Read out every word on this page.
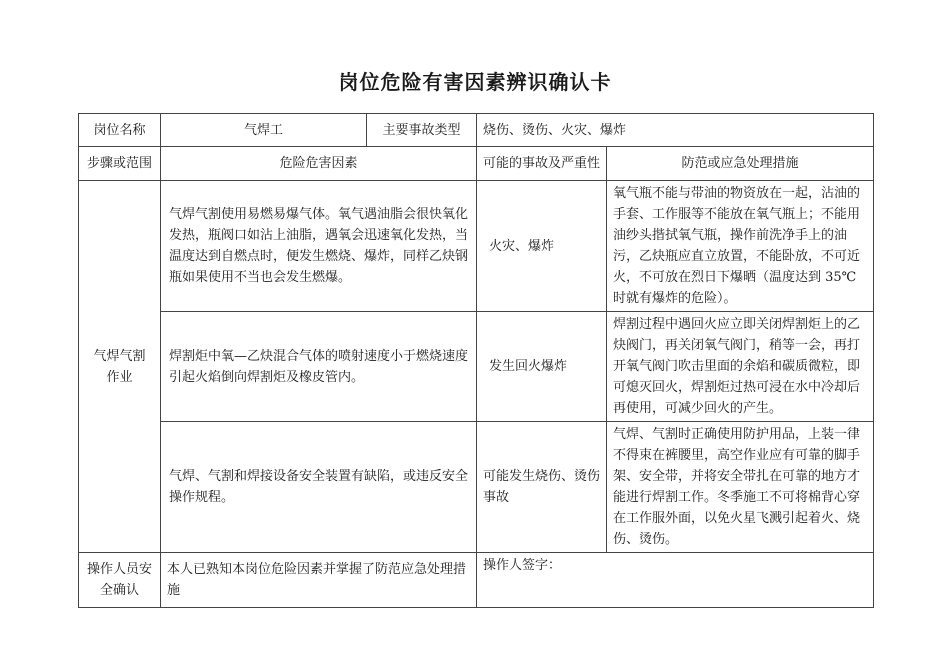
岗位危险有害因素辨识确认卡
岗位名称	气焊工	主要事故类型	烧伤、烫伤、火灾、爆炸	
步骤或范围	危险危害因素		可能的事故及严重性	防范或应急处理措施
气焊气割作业	气焊气割使用易燃易爆气体。氧气遇油脂会很快氧化发热，瓶阀口如沾上油脂，遇氧会迅速氧化发热，当温度达到自燃点时，便发生燃烧、爆炸，同样乙炔钢瓶如果使用不当也会发生燃爆。		火灾、爆炸	氧气瓶不能与带油的物资放在一起，沾油的手套、工作服等不能放在氧气瓶上；不能用油纱头揩拭氧气瓶，操作前洗净手上的油污，乙炔瓶应直立放置，不能卧放，不可近火，不可放在烈日下爆晒（温度达到 35℃时就有爆炸的危险）。
	焊割炬中氧—乙炔混合气体的喷射速度小于燃烧速度引起火焰倒向焊割炬及橡皮管内。		发生回火爆炸	焊割过程中遇回火应立即关闭焊割炬上的乙炔阀门，再关闭氧气阀门，稍等一会，再打开氧气阀门吹击里面的余焰和碳质微粒，即可熄灭回火，焊割炬过热可浸在水中冷却后再使用，可减少回火的产生。
	气焊、气割和焊接设备安全装置有缺陷，或违反安全操作规程。		可能发生烧伤、烫伤事故	气焊、气割时正确使用防护用品，上装一律不得束在裤腰里，高空作业应有可靠的脚手架、安全带，并将安全带扎在可靠的地方才能进行焊割工作。冬季施工不可将棉背心穿在工作服外面，以免火星飞溅引起着火、烧伤、烫伤。
操作人员安全确认	本人已熟知本岗位危险因素并掌握了防范应急处理措施		操作人签字：	
